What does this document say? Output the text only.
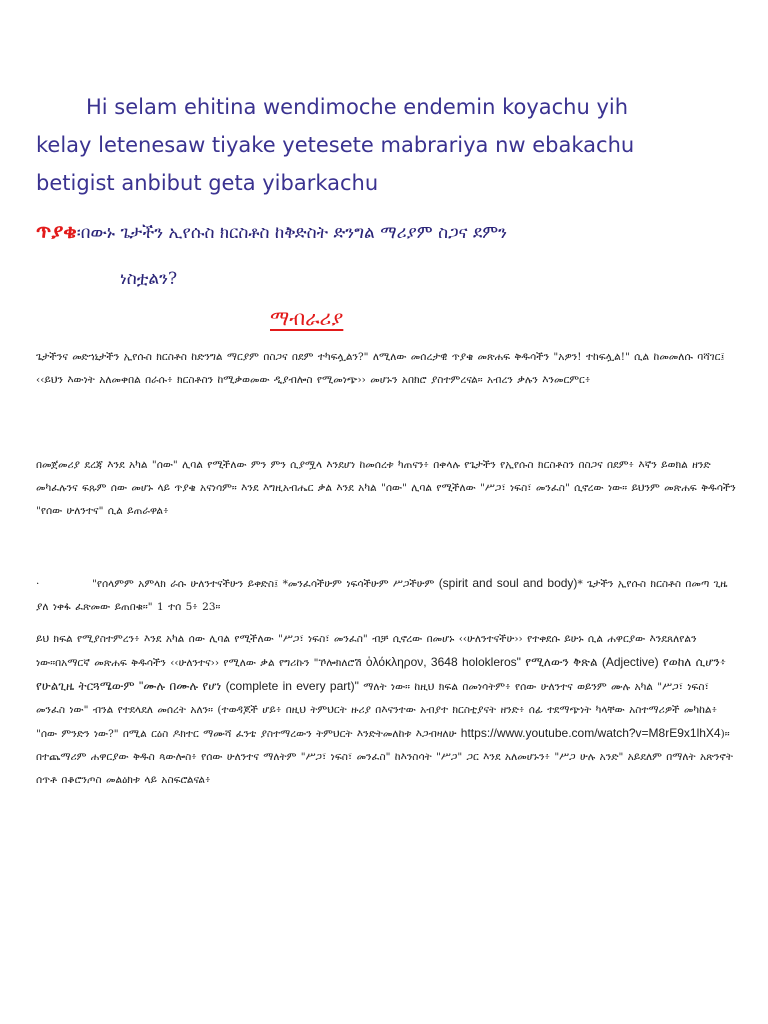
Hi selam ehitina wendimoche endemin koyachu yih
kelay letenesaw tiyake yetesete mabrariya nw ebakachu
betigist anbibut geta yibarkachu

ጥያቄ፡በውኑ ጌታችን ኢየሱስ ክርስቶስ ከቅድስት ድንግል ማሪያም ስጋና ደምን
ነስቷልን?

ማብራሪያ

ጌታችንና መድኀኒታችን ኢየሱስ ክርስቶስ ከድንግል ማርያም በስጋና በደም ተካፍሏልን?" ለሚለው መሰረታዊ ጥያቄ መጽሐፍ ቅዱሳችን "አዎን! ተከፍሏል!" ሲል ከመመለሱ ባሻገር፤ ‹‹ይህን እውነት አለመቀበል በራሱ፥ ክርስቶስን ከሚቃወመው ዲያብሎስ የሚመነጭ›› መሆኑን አበክሮ ያስተምረናል። አብረን ቃሉን እንመርምር፥

በመጀመሪያ ደረጃ እንደ አካል "ሰው" ሊባል የሚችለው ምን ምን ሲያሟላ እንደሆነ ከመሰረቱ ካጠናን፥ በቀላሉ የጌታችን የኢየሱስ ክርስቶስን በስጋና በደም፥ እኛን ይወክል ዘንድ መካፈሉንና ፍጹም ሰው መሆኑ ላይ ጥያቄ አናነሳም። እንደ እግዚአብሔር ቃል እንደ አካል "ሰው" ሊባል የሚችለው "ሥጋ፣ ነፍስ፣ መንፈስ" ሲኖረው ነው። ይህንም መጽሐፍ ቅዱሳችን "የሰው ሁለንተና" ሲል ይጠራዋል፥

·	"የሰላምም አምላክ ራሱ ሁለንተናችሁን ይቀድስ፤ *መንፈሳችሁም ነፍሳችሁም ሥጋችሁም (spirit and soul and body)* ጌታችን ኢየሱስ ክርስቶስ በመጣ ጊዜ ያለ ነቀፋ ፈጽመው ይጠበቁ።" 1 ተሰ 5፥ 23።

ይህ ክፍል የሚያስተምረን፥ እንደ አካል ሰው ሊባል የሚችለው "ሥጋ፣ ነፍስ፣ መንፈስ" ብቻ ሲኖረው በመሆኑ ‹‹ሁለንተናችሁ›› የተቀደሱ ይሁኑ ሲል ሐዋርያው እንደጸለየልን ነው።በአማርኛ መጽሐፍ ቅዱሳችን ‹‹ሁለንተና›› የሚለው ቃል የግሪኩን "ኾሎክለሮሽ ὁλόκληρον, 3648 holokleros" የሚለውን ቅጽል (Adjective) የወከለ ሲሆን፥ የሁልጊዜ ትርጓሜውም "ሙሉ በሙሉ የሆነ (complete in every part)" ማለት ነው። ከዚህ ክፍል በመነሳትም፥ የሰው ሁለንተና ወይንም ሙሉ አካል "ሥጋ፣ ነፍስ፣ መንፈስ ነው" ብንል የተደላደለ መሰረት አለን። (ተወዳጆች ሆይ፥ በዚህ ትምህርት ዙሪያ በእናንተው አብያተ ክርስቲያናት ዘንድ፥ ሰፊ ተደማጭነት ካላቸው አስተማሪዎች መካከል፥ "ሰው ምንድን ነው?" በሚል ርዕስ ዶክተር ማሙሻ ፈንቴ ያስተማረውን ትምህርት እንድትመለከቱ እጋብዛለሁ https://www.youtube.com/watch?v=M8rE9x1lhX4)። በተጨማሪም ሐዋርያው ቅዱስ ጳውሎስ፥ የሰው ሁለንተና ማለትም "ሥጋ፣ ነፍስ፣ መንፈስ" ከእንስሳት "ሥጋ" ጋር እንደ አለመሆኑን፥ "ሥጋ ሁሉ አንድ" አይደለም በማለት አጽንኖት ሰጥቶ በቆሮንጦስ መልዕክቱ ላይ አስፍሮልናል፥
